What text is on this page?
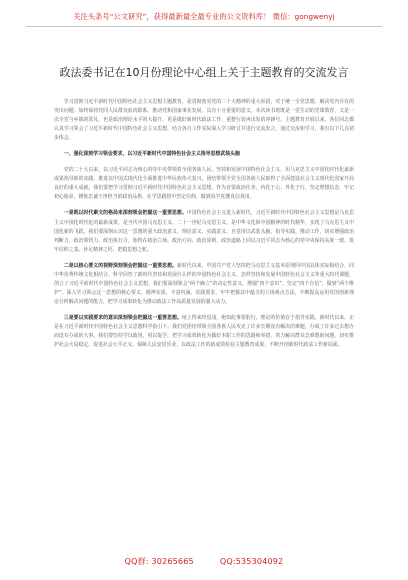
关注头条号“公文研究”，获得最新最全最专业的公文资料库！ 微信：gongwenyj
政法委书记在10月份理论中心组上关于主题教育的交流发言

学习贯彻习近平新时代中国特色社会主义思想主题教育，是贯彻落实党的二十大精神的重大举措，对于统一全党思想、解决党内存在的突出问题、始终保持党同人民群众血肉联系、推动党和国家事业发展，具有十分重要的意义。本次读书班既是一堂生动的党课教育，又是一次全党与乡镇的洗礼，也是政治理论水平的大提升，更是做好新时代政法工作、重整行装再出发的冲锋号。主题教育开展以来，各位同志都认真学习领会了习近平新时代中国特色社会主义思想，结合各自工作实际深入学习研讨并进行交流发言，通过交流和学习，我有以下几点初步体会。

一、强化深刻学习领会要求，以习近平新时代中国特色社会主义指导思想武装头脑

党的二十大以来，以习近平同志为核心的党中央带领着全国各族人民，坚持和发展中国特色社会主义，用马克思主义中国化时代化最新成果指导新的实践，推进以中国式现代化全面推进中华民族伟大复兴，团结带领全党全国各族人民取得了全面建设社会主义现代化国家开局良好的重大成就。我们要把学习贯彻习近平新时代中国特色社会主义思想，作为首要政治任务，内化于心、外化于行，坚定理想信念，牢记初心使命，锤炼忠诚干净担当的政治品格，在学思践悟中坚定信仰，做到真学真懂真信真用。

一是既以时代素文的格局来深刻领会把握这一重要思想。中国特色社会主义进入新时代，习近平新时代中国特色社会主义思想是马克思主义中国化时代化的最新成果，是当代中国马克思主义、二十一世纪马克思主义，是中华文化和中国精神的时代精华，实现了马克思主义中国化新的飞跃。我们要深刻认识这一思想的重大政治意义、理论意义、实践意义，自觉用以武装头脑、指导实践、推动工作，切实增强政治判断力、政治领悟力、政治执行力，始终在政治立场、政治方向、政治原则、政治道路上同以习近平同志为核心的党中央保持高度一致，筑牢信仰之基、补足精神之钙、把稳思想之舵。

二是以核心要义的视野深刻领会把握这一重要思想。新时代以来，中国共产党人坚持把马克思主义基本原理同中国具体实际相结合、同中华优秀传统文化相结合，科学回答了新时代坚持和发展什么样的中国特色社会主义、怎样坚持和发展中国特色社会主义等重大时代课题，创立了习近平新时代中国特色社会主义思想。我们要深刻领会“两个确立”的决定性意义，增强“四个意识”、坚定“四个自信”、做到“两个维护”，深入学习领会这一思想的核心要义、精神实质、丰富内涵、实践要求，牢牢把握其中蕴含的立场观点方法，不断提高运用党的创新理论分析解决问题的能力，把学习成果转化为推动政法工作高质量发展的强大动力。

三是要以实践要求的意识深刻领会把握这一重要思想。纸上得来终觉浅，绝知此事要躬行。理论的价值在于指导实践。新时代以来，正是在习近平新时代中国特色社会主义思想科学指引下，我们党团结带领全国各族人民攻克了许多长期没有解决的难题，办成了许多过去想办而没有办成的大事。我们要坚持学以致用、用以促学，把学习成效转化为做好本职工作的思路和举措，着力解决群众急难愁盼问题，切实维护社会大局稳定、促进社会公平正义、保障人民安居乐业，以政法工作的新成效检验主题教育成果，不断开创新时代政法工作新局面。

QQ群: 30265665	QQ:535304092
